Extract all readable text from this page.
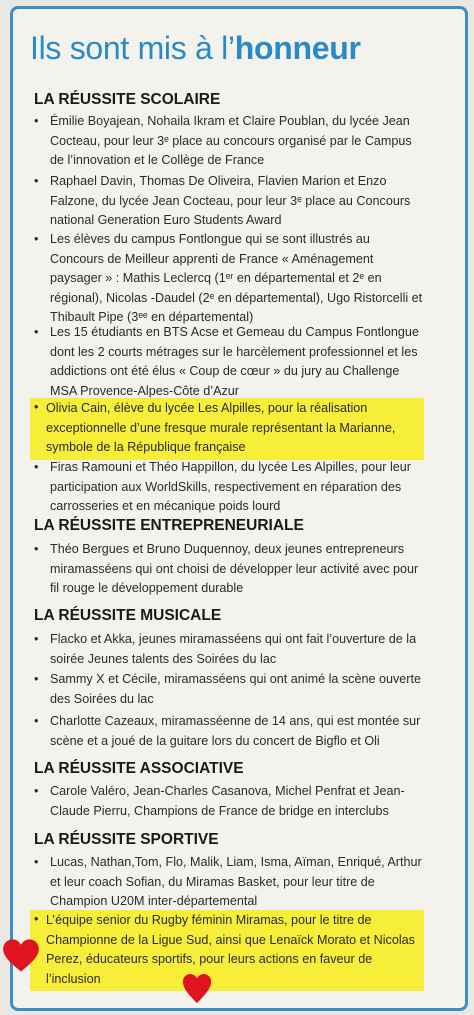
Ils sont mis à l’honneur
LA RÉUSSITE SCOLAIRE
• Émilie Boyajean, Nohaila Ikram et Claire Poublan, du lycée Jean Cocteau, pour leur 3ᵉ place au concours organisé par le Campus de l’innovation et le Collège de France
• Raphael Davin, Thomas De Oliveira, Flavien Marion et Enzo Falzone, du lycée Jean Cocteau, pour leur 3ᵉ place au Concours national Generation Euro Students Award
• Les élèves du campus Fontlongue qui se sont illustrés au Concours de Meilleur apprenti de France « Aménagement paysager » : Mathis Leclercq (1ᵉʳ en départemental et 2ᵉ en régional), Nicolas -Daudel (2ᵉ en départemental), Ugo Ristorcelli et Thibault Pipe (3ᵉᵉ en départemental)
• Les 15 étudiants en BTS Acse et Gemeau du Campus Fontlongue dont les 2 courts métrages sur le harcèlement professionnel et les addictions ont été élus « Coup de cœur » du jury au Challenge MSA Provence-Alpes-Côte d’Azur
• Olivia Cain, élève du lycée Les Alpilles, pour la réalisation exceptionnelle d’une fresque murale représentant la Marianne, symbole de la République française
• Firas Ramouni et Théo Happillon, du lycée Les Alpilles, pour leur participation aux WorldSkills, respectivement en réparation des carrosseries et en mécanique poids lourd
LA RÉUSSITE ENTREPRENEURIALE
• Théo Bergues et Bruno Duquennoy, deux jeunes entrepreneurs miramasséens qui ont choisi de développer leur activité avec pour fil rouge le développement durable
LA RÉUSSITE MUSICALE
• Flacko et Akka, jeunes miramasséens qui ont fait l’ouverture de la soirée Jeunes talents des Soirées du lac
• Sammy X et Cécile, miramasséens qui ont animé la scène ouverte des Soirées du lac
• Charlotte Cazeaux, miramasséenne de 14 ans, qui est montée sur scène et a joué de la guitare lors du concert de Bigflo et Oli
LA RÉUSSITE ASSOCIATIVE
• Carole Valéro, Jean-Charles Casanova, Michel Penfrat et Jean-Claude Pierru, Champions de France de bridge en interclubs
LA RÉUSSITE SPORTIVE
• Lucas, Nathan,Tom, Flo, Malik, Liam, Isma, Aïman, Enriqué, Arthur et leur coach Sofian, du Miramas Basket, pour leur titre de Champion U20M inter-départemental
• L’équipe senior du Rugby féminin Miramas, pour le titre de Championne de la Ligue Sud, ainsi que Lenaïck Morato et Nicolas Perez, éducateurs sportifs, pour leurs actions en faveur de l’inclusion
